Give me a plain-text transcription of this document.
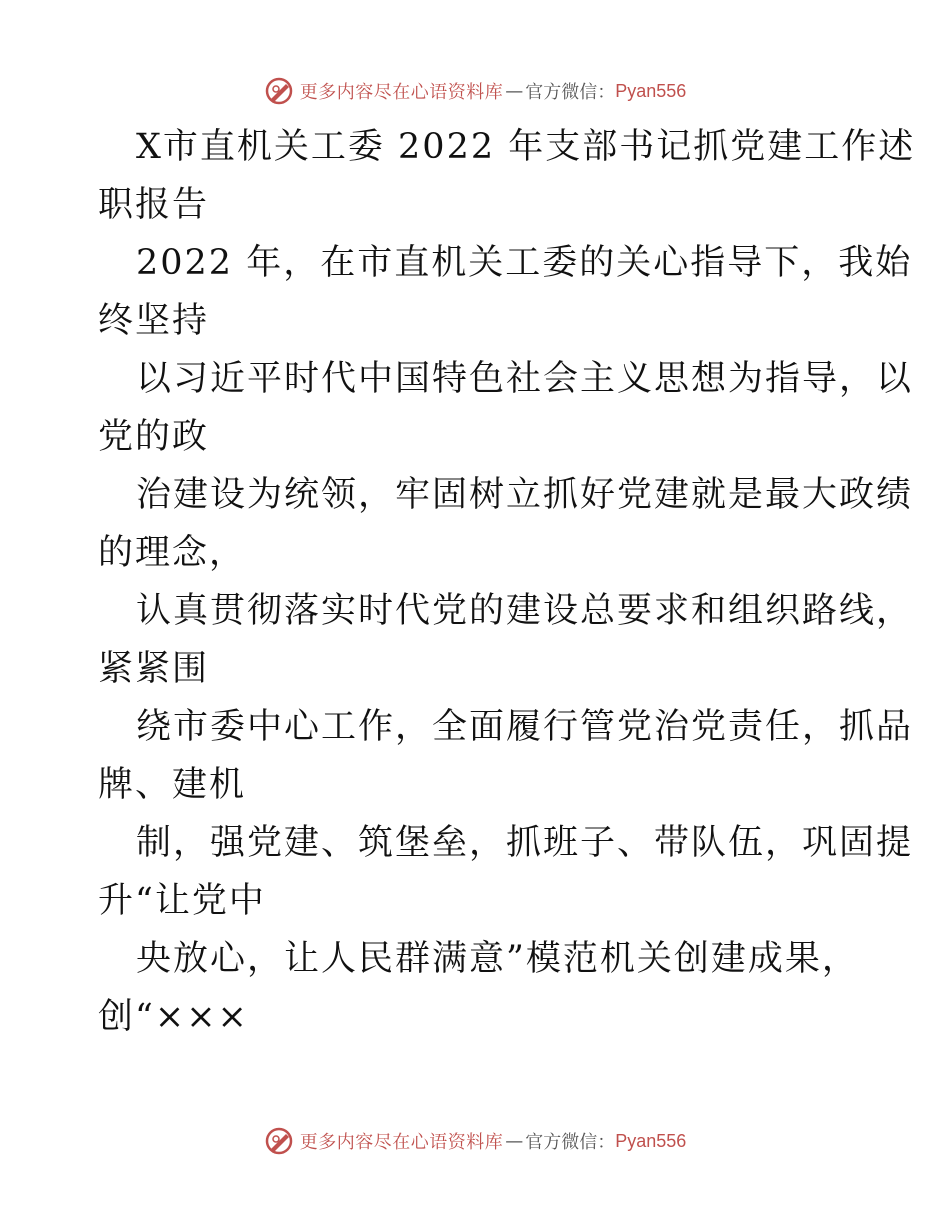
更多内容尽在心语资料库 — 官方微信： Pyan556
X市直机关工委 2022 年支部书记抓党建工作述
职报告
2022 年，在市直机关工委的关心指导下，我始
终坚持
以习近平时代中国特色社会主义思想为指导，以
党的政
治建设为统领，牢固树立抓好党建就是最大政绩
的理念，
认真贯彻落实时代党的建设总要求和组织路线，
紧紧围
绕市委中心工作，全面履行管党治党责任，抓品
牌、建机
制，强党建、筑堡垒，抓班子、带队伍，巩固提
升“让党中
央放心，让人民群满意”模范机关创建成果，
创“×××
更多内容尽在心语资料库 — 官方微信： Pyan556
